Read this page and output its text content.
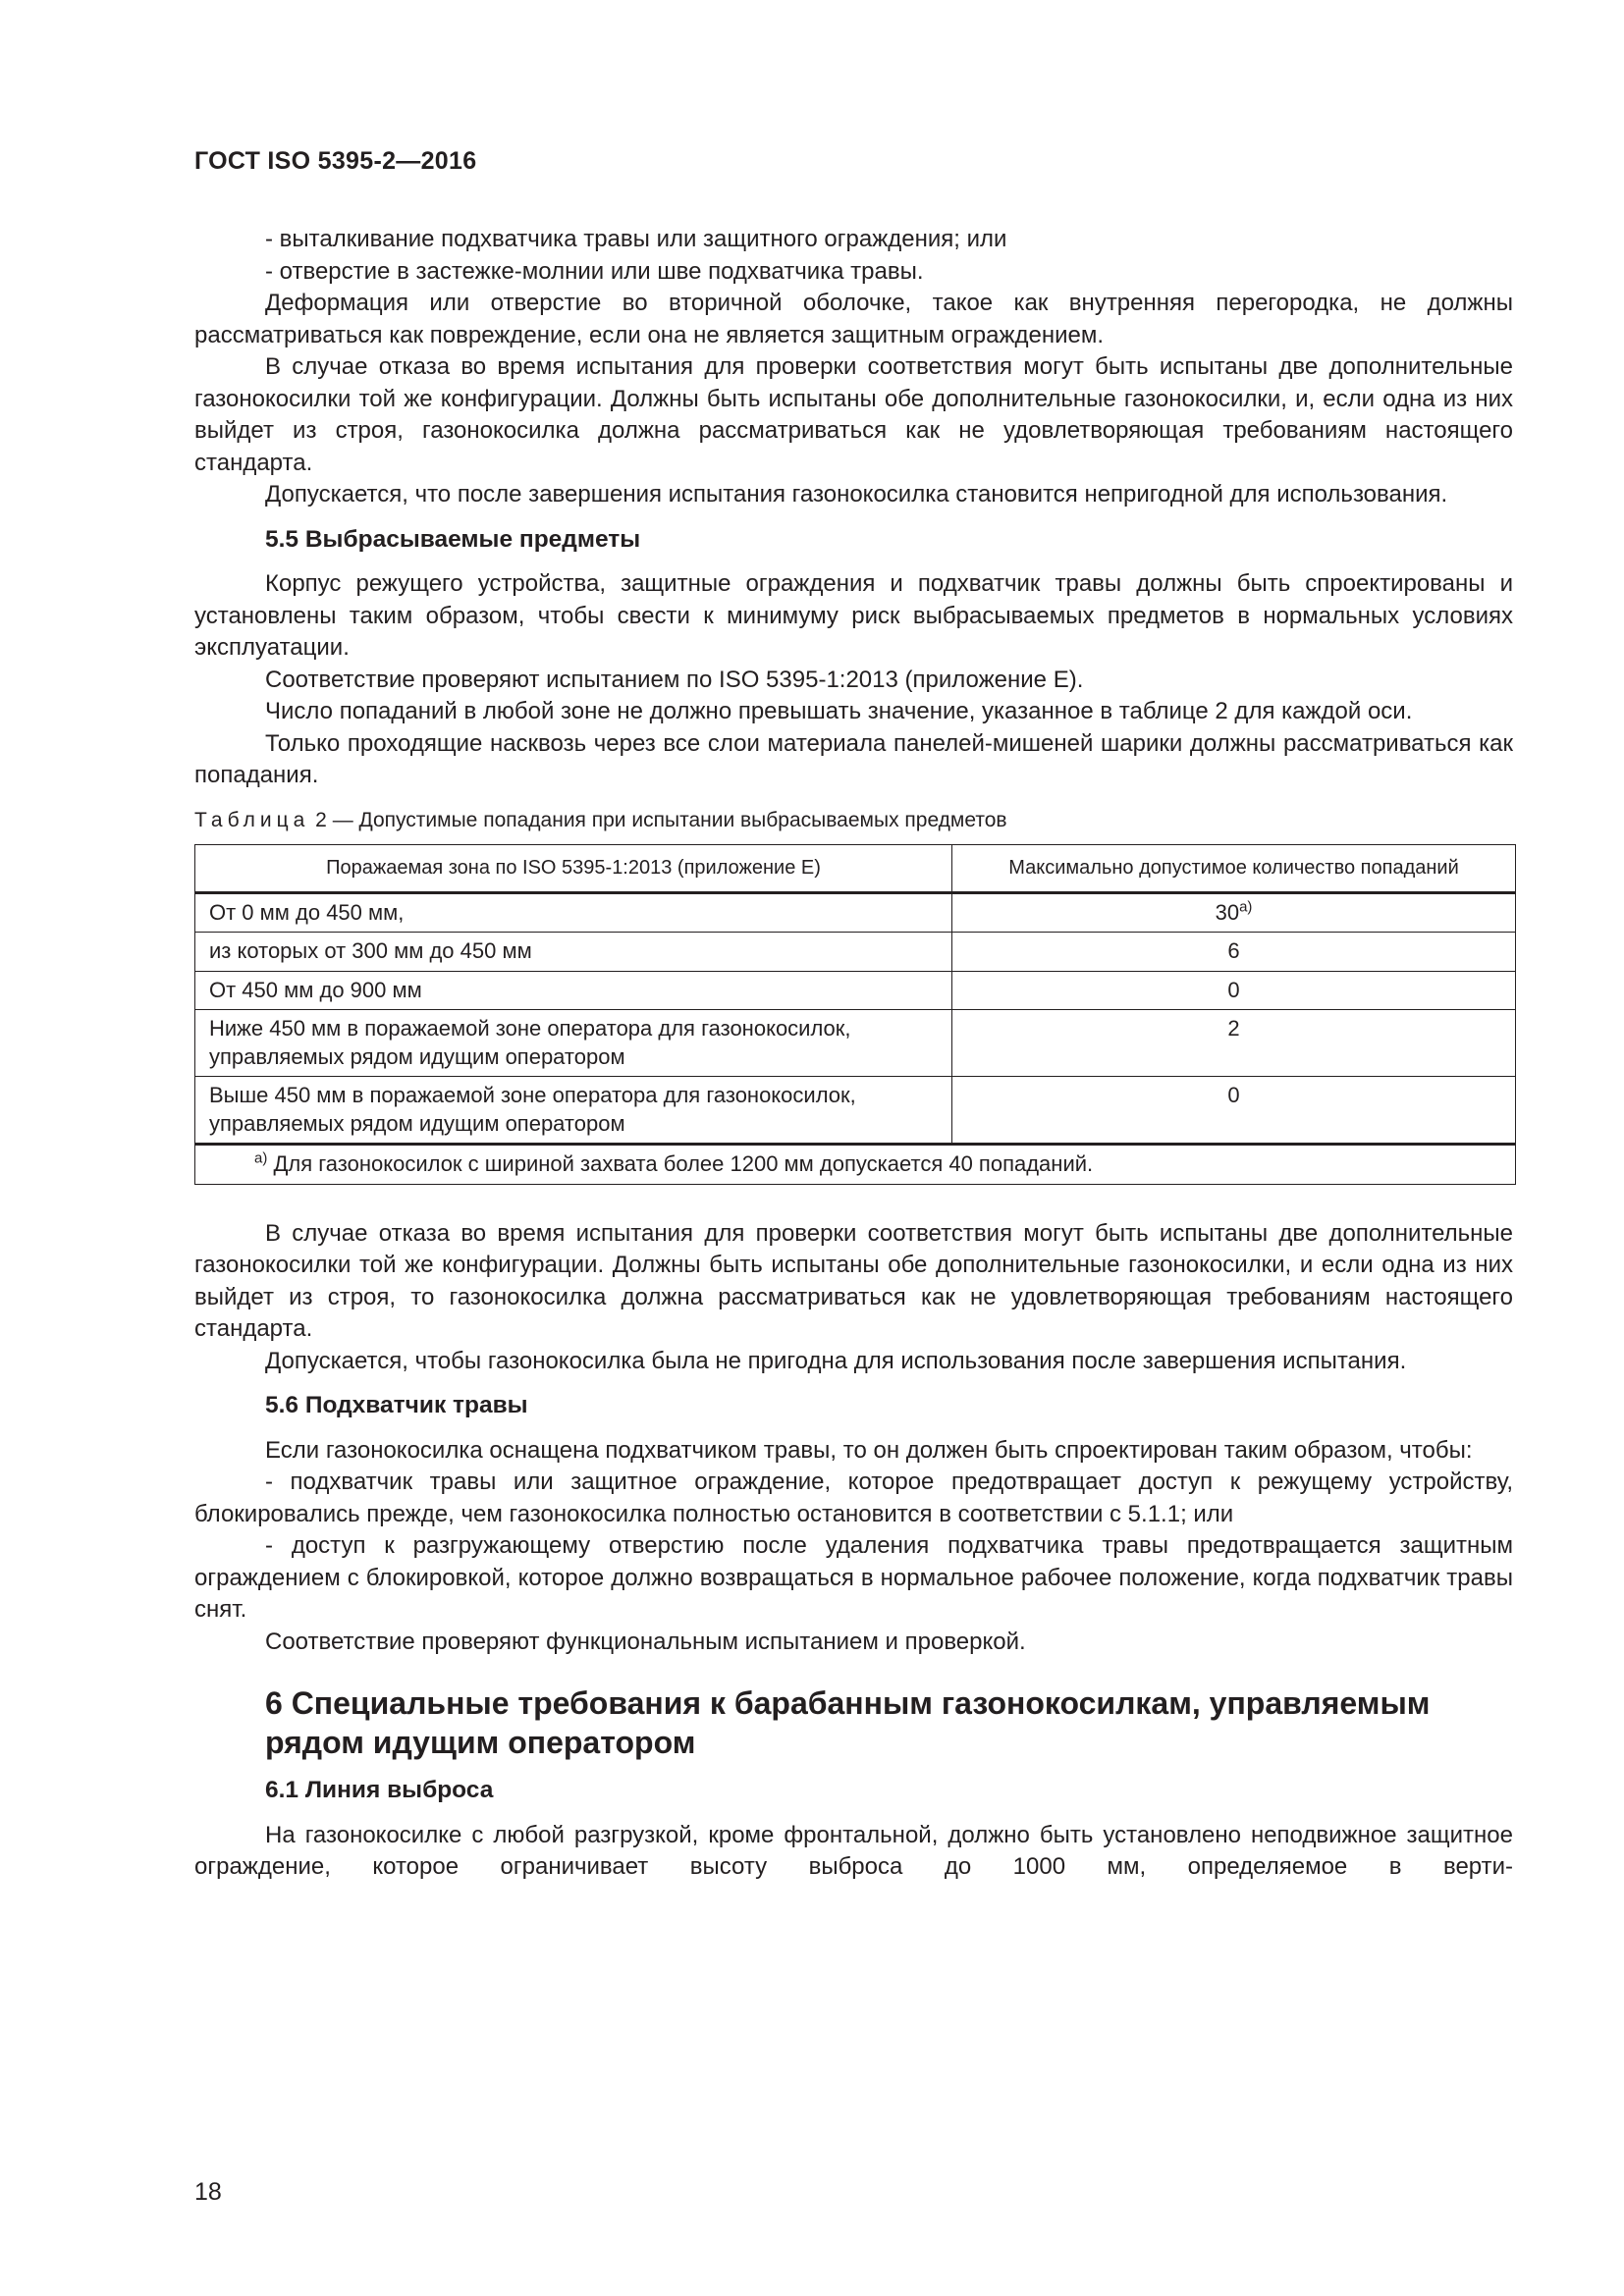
ГОСТ ISO 5395-2—2016

- выталкивание подхватчика травы или защитного ограждения; или

- отверстие в застежке-молнии или шве подхватчика травы.

Деформация или отверстие во вторичной оболочке, такое как внутренняя перегородка, не должны рассматриваться как повреждение, если она не является защитным ограждением.

В случае отказа во время испытания для проверки соответствия могут быть испытаны две дополнительные газонокосилки той же конфигурации. Должны быть испытаны обе дополнительные газонокосилки, и, если одна из них выйдет из строя, газонокосилка должна рассматриваться как не удовлетворяющая требованиям настоящего стандарта.

Допускается, что после завершения испытания газонокосилка становится непригодной для использования.

5.5 Выбрасываемые предметы

Корпус режущего устройства, защитные ограждения и подхватчик травы должны быть спроектированы и установлены таким образом, чтобы свести к минимуму риск выбрасываемых предметов в нормальных условиях эксплуатации.

Соответствие проверяют испытанием по ISO 5395-1:2013 (приложение Е).

Число попаданий в любой зоне не должно превышать значение, указанное в таблице 2 для каждой оси.

Только проходящие насквозь через все слои материала панелей-мишеней шарики должны рассматриваться как попадания.

Таблица 2 — Допустимые попадания при испытании выбрасываемых предметов
Поражаемая зона по ISO 5395-1:2013 (приложение Е)	Максимально допустимое количество попаданий
От 0 мм до 450 мм,	30$^{a)}$
из которых от 300 мм до 450 мм	6
От 450 мм до 900 мм	0
Ниже 450 мм в поражаемой зоне оператора для газонокосилок, управляемых рядом идущим оператором	2
Выше 450 мм в поражаемой зоне оператора для газонокосилок, управляемых рядом идущим оператором	0
$^{a)}$ Для газонокосилок с шириной захвата более 1200 мм допускается 40 попаданий.	

В случае отказа во время испытания для проверки соответствия могут быть испытаны две дополнительные газонокосилки той же конфигурации. Должны быть испытаны обе дополнительные газонокосилки, и если одна из них выйдет из строя, то газонокосилка должна рассматриваться как не удовлетворяющая требованиям настоящего стандарта.

Допускается, чтобы газонокосилка была не пригодна для использования после завершения испытания.

5.6 Подхватчик травы

Если газонокосилка оснащена подхватчиком травы, то он должен быть спроектирован таким образом, чтобы:

- подхватчик травы или защитное ограждение, которое предотвращает доступ к режущему устройству, блокировались прежде, чем газонокосилка полностью остановится в соответствии с 5.1.1; или

- доступ к разгружающему отверстию после удаления подхватчика травы предотвращается защитным ограждением с блокировкой, которое должно возвращаться в нормальное рабочее положение, когда подхватчик травы снят.

Соответствие проверяют функциональным испытанием и проверкой.

6 Специальные требования к барабанным газонокосилкам, управляемым рядом идущим оператором

6.1 Линия выброса

На газонокосилке с любой разгрузкой, кроме фронтальной, должно быть установлено неподвижное защитное ограждение, которое ограничивает высоту выброса до 1000 мм, определяемое в верти-

18
